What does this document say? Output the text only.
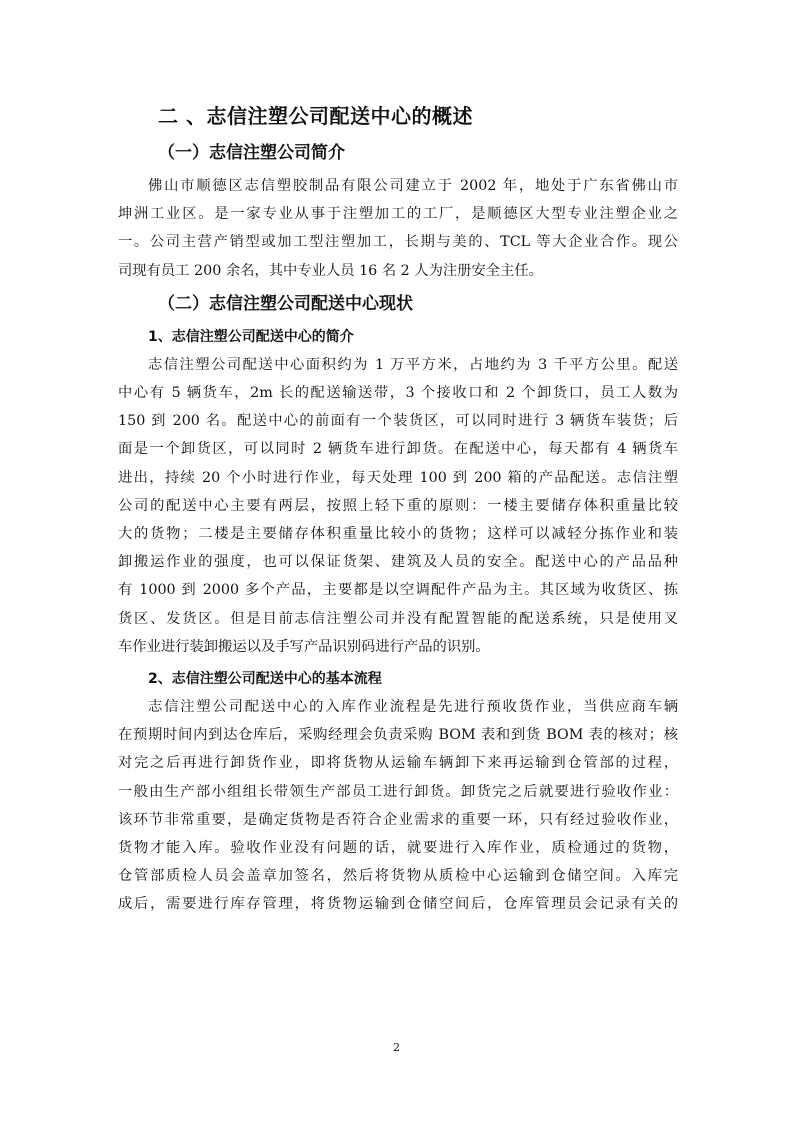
二 、志信注塑公司配送中心的概述
（一）志信注塑公司简介
佛山市顺德区志信塑胶制品有限公司建立于 2002 年，地处于广东省佛山市
坤洲工业区。是一家专业从事于注塑加工的工厂，是顺德区大型专业注塑企业之
一。公司主营产销型或加工型注塑加工，长期与美的、TCL 等大企业合作。现公
司现有员工 200 余名，其中专业人员 16 名 2 人为注册安全主任。
（二）志信注塑公司配送中心现状
1、志信注塑公司配送中心的简介
志信注塑公司配送中心面积约为 1 万平方米，占地约为 3 千平方公里。配送
中心有 5 辆货车，2m 长的配送输送带，3 个接收口和 2 个卸货口，员工人数为
150 到 200 名。配送中心的前面有一个装货区，可以同时进行 3 辆货车装货；后
面是一个卸货区，可以同时 2 辆货车进行卸货。在配送中心，每天都有 4 辆货车
进出，持续 20 个小时进行作业，每天处理 100 到 200 箱的产品配送。志信注塑
公司的配送中心主要有两层，按照上轻下重的原则：一楼主要储存体积重量比较
大的货物；二楼是主要储存体积重量比较小的货物；这样可以减轻分拣作业和装
卸搬运作业的强度，也可以保证货架、建筑及人员的安全。配送中心的产品品种
有 1000 到 2000 多个产品，主要都是以空调配件产品为主。其区域为收货区、拣
货区、发货区。但是目前志信注塑公司并没有配置智能的配送系统，只是使用叉
车作业进行装卸搬运以及手写产品识别码进行产品的识别。
2、志信注塑公司配送中心的基本流程
志信注塑公司配送中心的入库作业流程是先进行预收货作业，当供应商车辆
在预期时间内到达仓库后，采购经理会负责采购 BOM 表和到货 BOM 表的核对；核
对完之后再进行卸货作业，即将货物从运输车辆卸下来再运输到仓管部的过程，
一般由生产部小组组长带领生产部员工进行卸货。卸货完之后就要进行验收作业：
该环节非常重要，是确定货物是否符合企业需求的重要一环，只有经过验收作业，
货物才能入库。验收作业没有问题的话，就要进行入库作业，质检通过的货物，
仓管部质检人员会盖章加签名，然后将货物从质检中心运输到仓储空间。入库完
成后，需要进行库存管理，将货物运输到仓储空间后，仓库管理员会记录有关的
2
